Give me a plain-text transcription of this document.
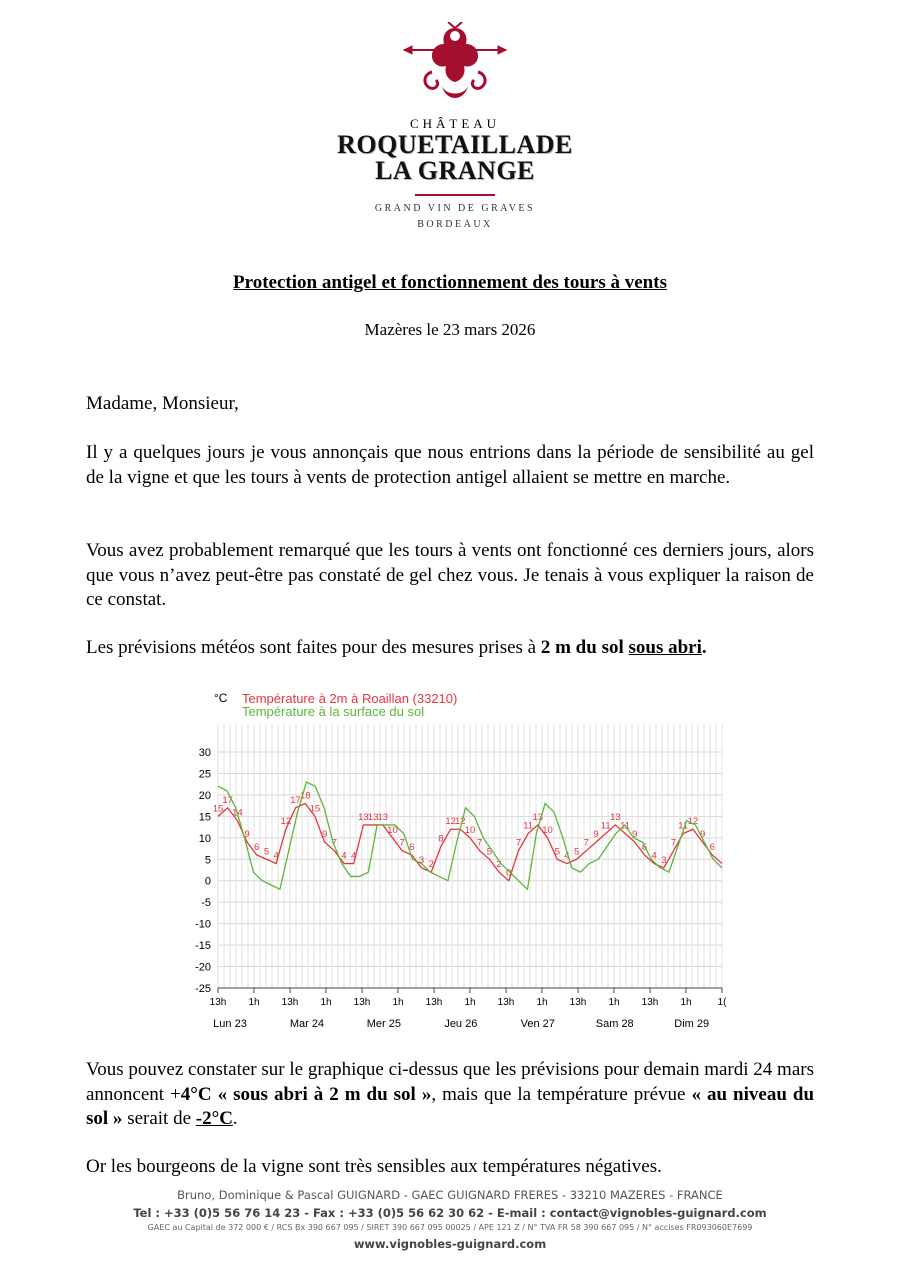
CHÂTEAU
ROQUETAILLADE
LA GRANGE
GRAND VIN DE GRAVES
BORDEAUX
Protection antigel et fonctionnement des tours à vents
Mazères le 23 mars 2026
Madame, Monsieur,
Il y a quelques jours je vous annonçais que nous entrions dans la période de sensibilité au gel de la vigne et que les tours à vents de protection antigel allaient se mettre en marche.
Vous avez probablement remarqué que les tours à vents ont fonctionné ces derniers jours, alors que vous n’avez peut-être pas constaté de gel chez vous. Je tenais à vous expliquer la raison de ce constat.
Les prévisions météos sont faites pour des mesures prises à 2 m du sol sous abri.
30
25
20
15
10
5
0
-5
-10
-15
-20
-25
13h 1h 13h 1h 13h 1h 13h 1h 13h 1h 13h 1h 13h 1h	1(
Lun 23	Mar 24	Mer 25	Jeu 26	Ven 27	Sam 28	Dim 29
15
17
14
9
6 5 4
12
17 18
15
9
7
4 4
13 13 13
10
7 6
3 2
8
12 12
10
7
5
2
0
7
11
13
10
5 4 5
7
9
11
13
11
9
6
4 3
7
11 12
9
6
°C Température à 2m à Roaillan (33210)
Température à la surface du sol
Vous pouvez constater sur le graphique ci-dessus que les prévisions pour demain mardi 24 mars annoncent +4°C « sous abri à 2 m du sol », mais que la température prévue « au niveau du sol » serait de -2°C.
Or les bourgeons de la vigne sont très sensibles aux températures négatives.
Bruno, Dominique & Pascal GUIGNARD - GAEC GUIGNARD FRERES - 33210 MAZERES - FRANCE
Tel : +33 (0)5 56 76 14 23 - Fax : +33 (0)5 56 62 30 62 - E-mail : contact@vignobles-guignard.com
GAEC au Capital de 372 000 € / RCS Bx 390 667 095 / SIRET 390 667 095 00025 / APE 121 Z / N° TVA FR 58 390 667 095 / N° accises FR093060E7699
www.vignobles-guignard.com
